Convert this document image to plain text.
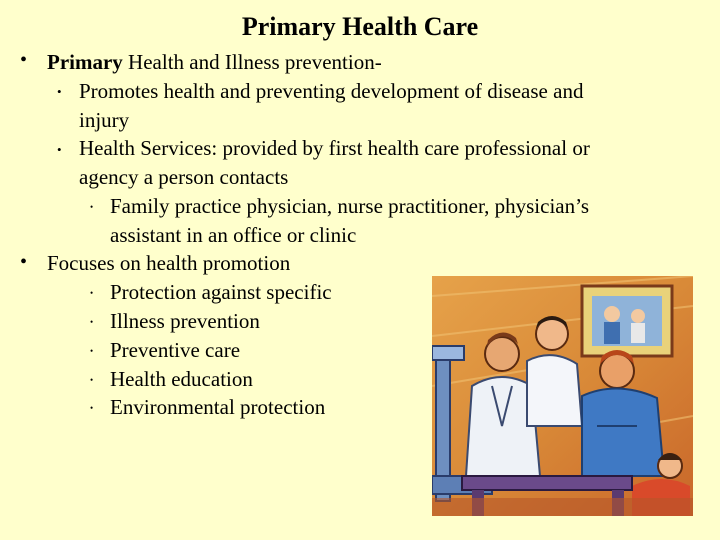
Primary Health Care
• Primary Health and Illness prevention-
• Promotes health and preventing development of disease and
injury
• Health Services: provided by first health care professional or
agency a person contacts
• Family practice physician, nurse practitioner, physician’s
assistant in an office or clinic
• Focuses on health promotion
• Protection against specific
• Illness prevention
• Preventive care
• Health education
• Environmental protection
